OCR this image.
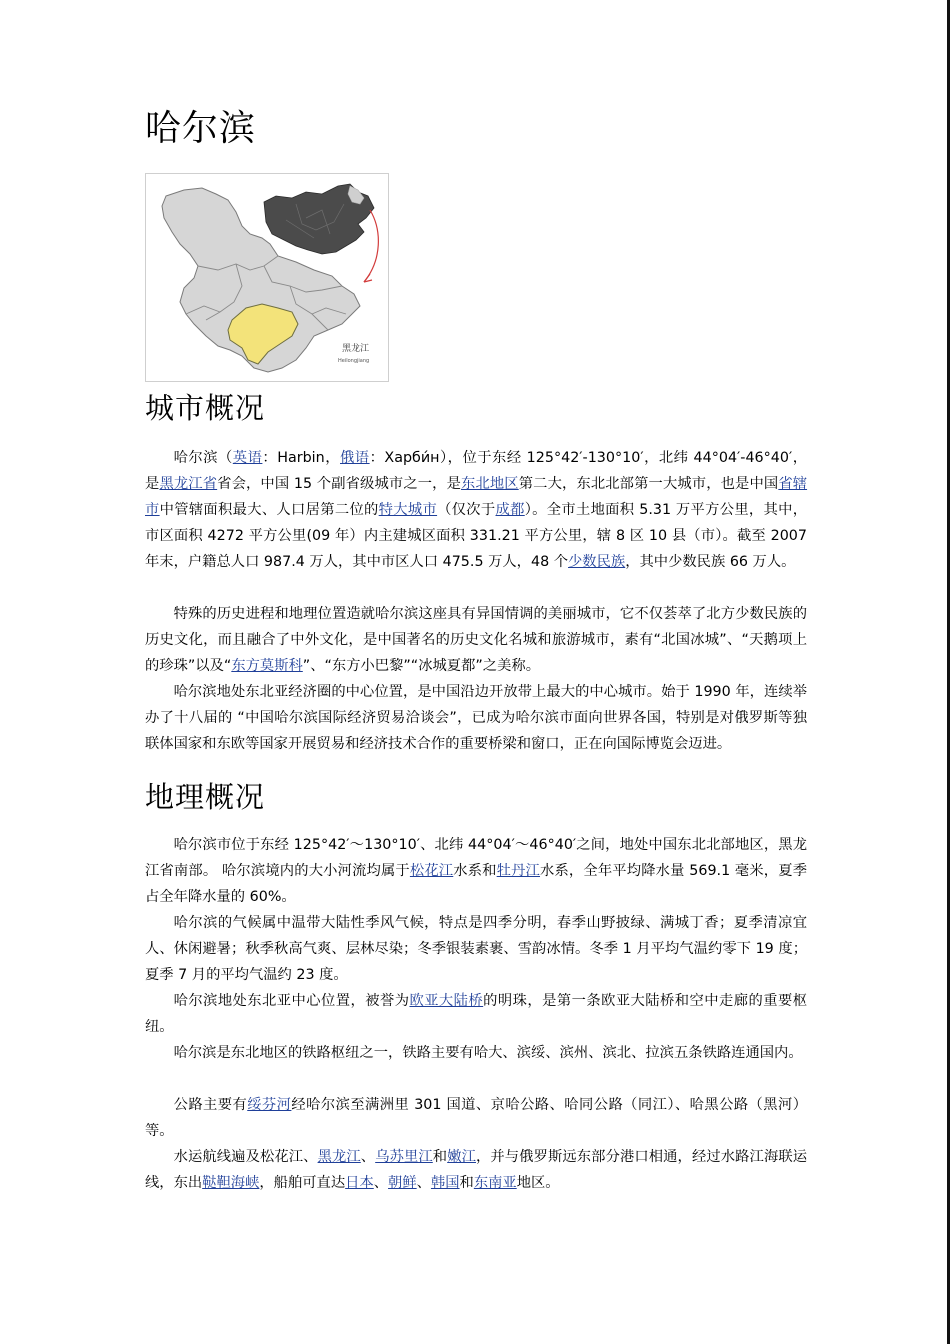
哈尔滨
黑龙江
Heilongjiang
城市概况

哈尔滨（英语：Harbin，俄语：Харби́н），位于东经 125°42′-130°10′，北纬 44°04′-46°40′，是黑龙江省省会，中国 15 个副省级城市之一，是东北地区第二大，东北北部第一大城市，也是中国省辖市中管辖面积最大、人口居第二位的特大城市（仅次于成都）。全市土地面积 5.31 万平方公里，其中，市区面积 4272 平方公里(09 年）内主建城区面积 331.21 平方公里，辖 8 区 10 县（市）。截至 2007 年末，户籍总人口 987.4 万人，其中市区人口 475.5 万人，48 个少数民族，其中少数民族 66 万人。

特殊的历史进程和地理位置造就哈尔滨这座具有异国情调的美丽城市，它不仅荟萃了北方少数民族的历史文化，而且融合了中外文化，是中国著名的历史文化名城和旅游城市，素有“北国冰城”、“天鹅项上的珍珠”以及“东方莫斯科”、“东方小巴黎”“冰城夏都”之美称。

哈尔滨地处东北亚经济圈的中心位置，是中国沿边开放带上最大的中心城市。始于 1990 年，连续举办了十八届的 “中国哈尔滨国际经济贸易洽谈会”，已成为哈尔滨市面向世界各国，特别是对俄罗斯等独联体国家和东欧等国家开展贸易和经济技术合作的重要桥梁和窗口，正在向国际博览会迈进。

地理概况

哈尔滨市位于东经 125°42′～130°10′、北纬 44°04′～46°40′之间，地处中国东北北部地区，黑龙江省南部。 哈尔滨境内的大小河流均属于松花江水系和牡丹江水系，全年平均降水量 569.1 毫米，夏季占全年降水量的 60%。

哈尔滨的气候属中温带大陆性季风气候，特点是四季分明，春季山野披绿、满城丁香；夏季清凉宜人、休闲避暑；秋季秋高气爽、层林尽染；冬季银装素裹、雪韵冰情。冬季 1 月平均气温约零下 19 度；夏季 7 月的平均气温约 23 度。

哈尔滨地处东北亚中心位置，被誉为欧亚大陆桥的明珠，是第一条欧亚大陆桥和空中走廊的重要枢纽。

哈尔滨是东北地区的铁路枢纽之一，铁路主要有哈大、滨绥、滨州、滨北、拉滨五条铁路连通国内。

公路主要有绥芬河经哈尔滨至满洲里 301 国道、京哈公路、哈同公路（同江）、哈黑公路（黑河）等。

水运航线遍及松花江、黑龙江、乌苏里江和嫩江，并与俄罗斯远东部分港口相通，经过水路江海联运线，东出鞑靼海峡，船舶可直达日本、朝鲜、韩国和东南亚地区。
